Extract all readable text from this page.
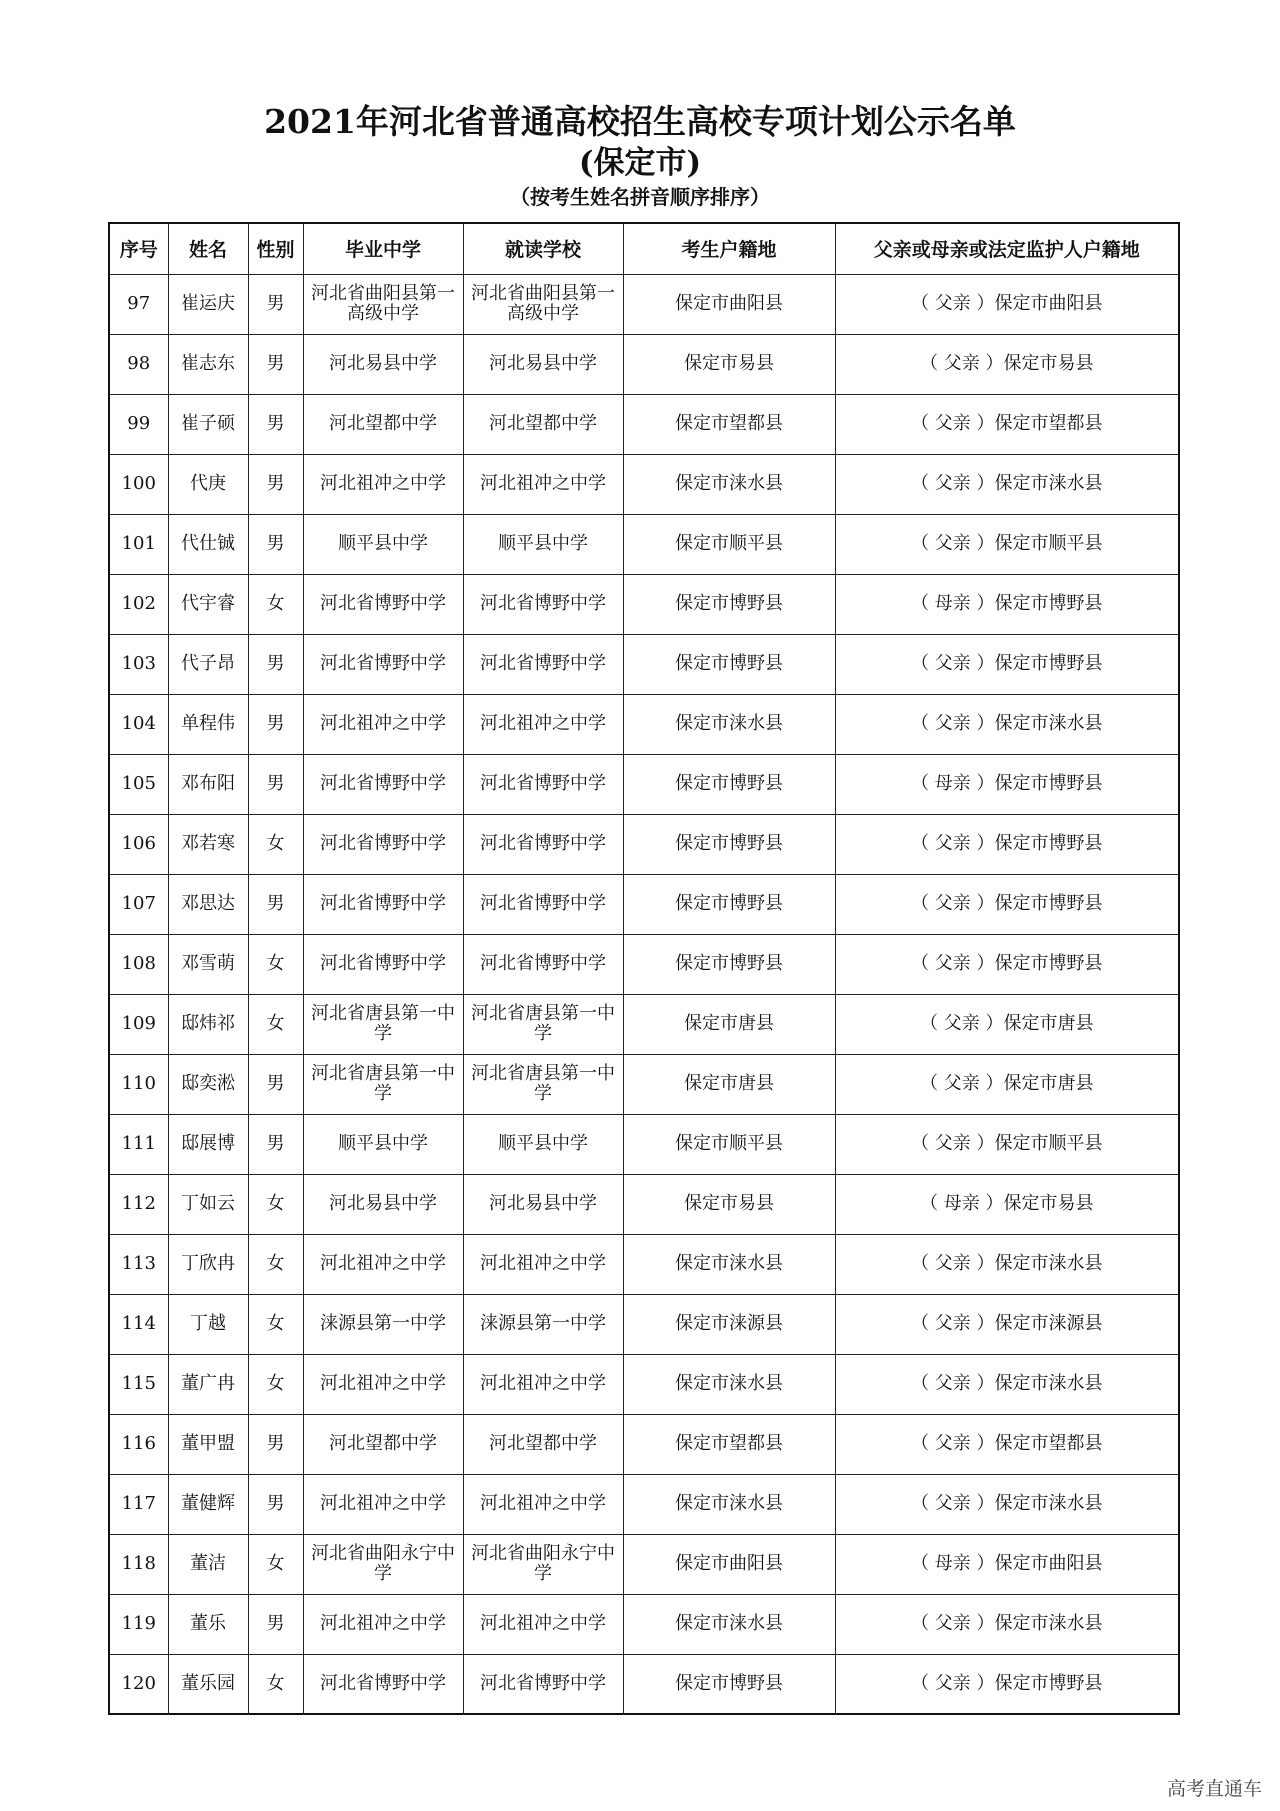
2021年河北省普通高校招生高校专项计划公示名单
(保定市)
（按考生姓名拼音顺序排序）
序号	姓名	性别	毕业中学	就读学校	考生户籍地	父亲或母亲或法定监护人户籍地
97	崔运庆	男	河北省曲阳县第一高级中学	河北省曲阳县第一高级中学	保定市曲阳县	（ 父亲 ）保定市曲阳县
98	崔志东	男	河北易县中学	河北易县中学	保定市易县	（ 父亲 ）保定市易县
99	崔子硕	男	河北望都中学	河北望都中学	保定市望都县	（ 父亲 ）保定市望都县
100	代庚	男	河北祖冲之中学	河北祖冲之中学	保定市涞水县	（ 父亲 ）保定市涞水县
101	代仕铖	男	顺平县中学	顺平县中学	保定市顺平县	（ 父亲 ）保定市顺平县
102	代宇睿	女	河北省博野中学	河北省博野中学	保定市博野县	（ 母亲 ）保定市博野县
103	代子昂	男	河北省博野中学	河北省博野中学	保定市博野县	（ 父亲 ）保定市博野县
104	单程伟	男	河北祖冲之中学	河北祖冲之中学	保定市涞水县	（ 父亲 ）保定市涞水县
105	邓布阳	男	河北省博野中学	河北省博野中学	保定市博野县	（ 母亲 ）保定市博野县
106	邓若寒	女	河北省博野中学	河北省博野中学	保定市博野县	（ 父亲 ）保定市博野县
107	邓思达	男	河北省博野中学	河北省博野中学	保定市博野县	（ 父亲 ）保定市博野县
108	邓雪萌	女	河北省博野中学	河北省博野中学	保定市博野县	（ 父亲 ）保定市博野县
109	邸炜祁	女	河北省唐县第一中学	河北省唐县第一中学	保定市唐县	（ 父亲 ）保定市唐县
110	邸奕淞	男	河北省唐县第一中学	河北省唐县第一中学	保定市唐县	（ 父亲 ）保定市唐县
111	邸展博	男	顺平县中学	顺平县中学	保定市顺平县	（ 父亲 ）保定市顺平县
112	丁如云	女	河北易县中学	河北易县中学	保定市易县	（ 母亲 ）保定市易县
113	丁欣冉	女	河北祖冲之中学	河北祖冲之中学	保定市涞水县	（ 父亲 ）保定市涞水县
114	丁越	女	涞源县第一中学	涞源县第一中学	保定市涞源县	（ 父亲 ）保定市涞源县
115	董广冉	女	河北祖冲之中学	河北祖冲之中学	保定市涞水县	（ 父亲 ）保定市涞水县
116	董甲盟	男	河北望都中学	河北望都中学	保定市望都县	（ 父亲 ）保定市望都县
117	董健辉	男	河北祖冲之中学	河北祖冲之中学	保定市涞水县	（ 父亲 ）保定市涞水县
118	董洁	女	河北省曲阳永宁中学	河北省曲阳永宁中学	保定市曲阳县	（ 母亲 ）保定市曲阳县
119	董乐	男	河北祖冲之中学	河北祖冲之中学	保定市涞水县	（ 父亲 ）保定市涞水县
120	董乐园	女	河北省博野中学	河北省博野中学	保定市博野县	（ 父亲 ）保定市博野县
高考直通车
